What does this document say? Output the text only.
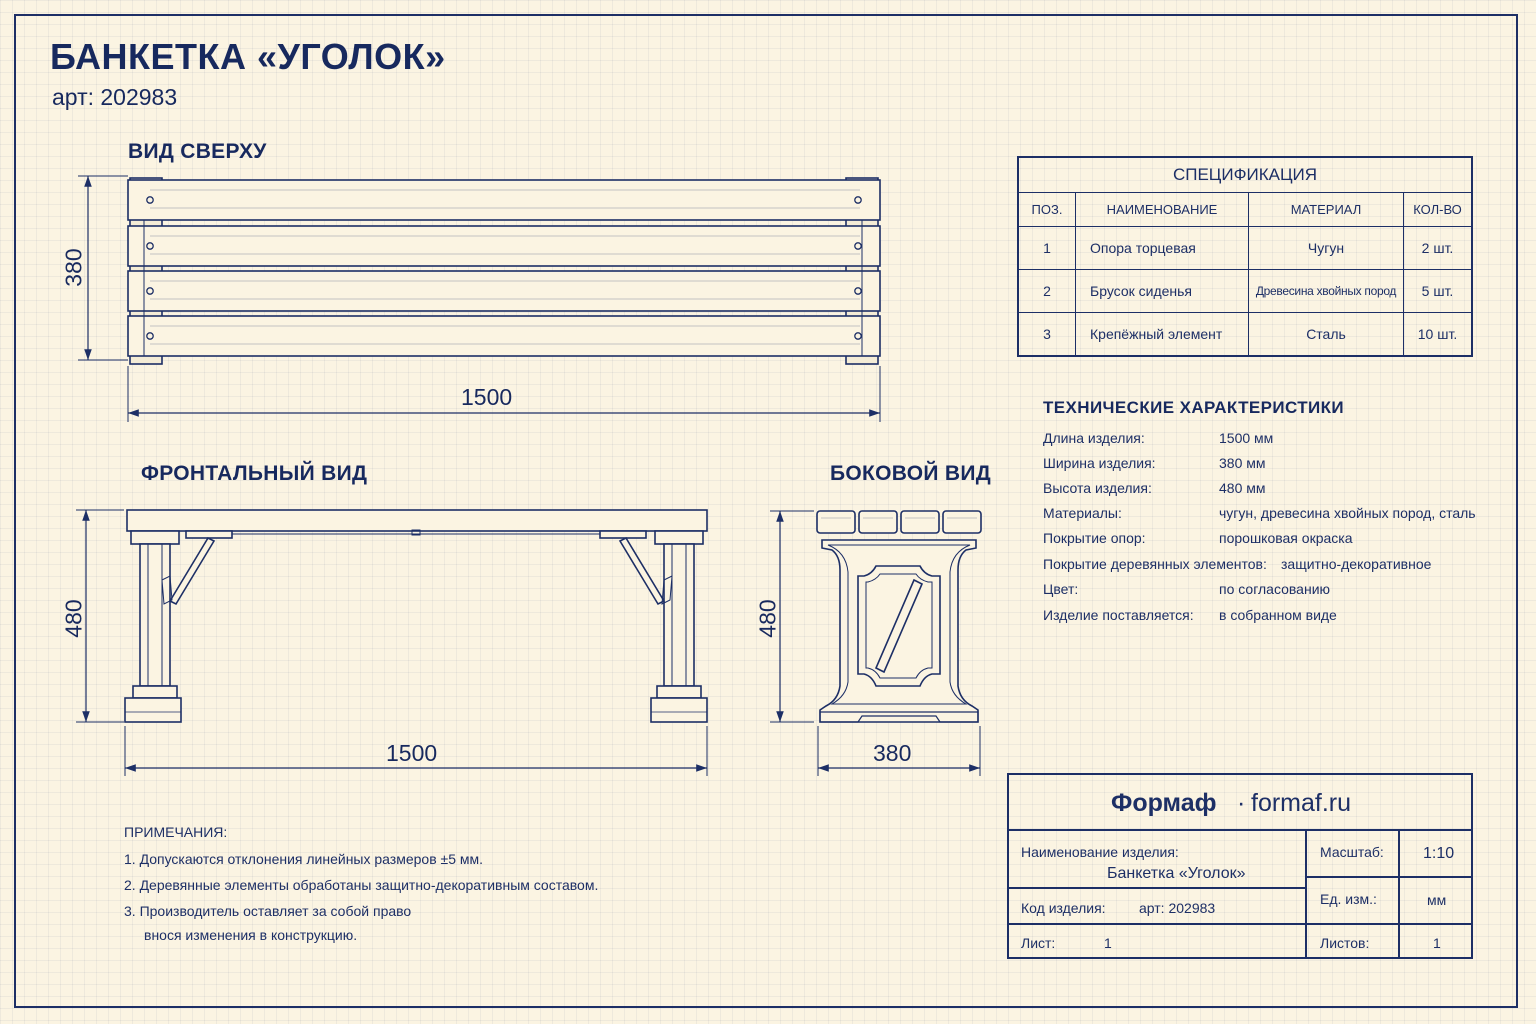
БАНКЕТКА «УГОЛОК»
арт: 202983
ВИД СВЕРХУ
ФРОНТАЛЬНЫЙ ВИД	БОКОВОЙ ВИД
380
1500
480
1500
480
380
СПЕЦИФИКАЦИЯ			
ПОЗ.	НАИМЕНОВАНИЕ	МАТЕРИАЛ	КОЛ-ВО
1	Опора торцевая	Чугун	2 шт.
2	Брусок сиденья	Древесина хвойных пород	5 шт.
3	Крепёжный элемент	Сталь	10 шт.
ТЕХНИЧЕСКИЕ ХАРАКТЕРИСТИКИ
Длина изделия:	1500 мм
Ширина изделия:	380 мм
Высота изделия:	480 мм
Материалы:	чугун, древесина хвойных пород, сталь
Покрытие опор:	порошковая окраска
Покрытие деревянных элементов: защитно-декоративное
Цвет:	по согласованию
Изделие поставляется: в собранном виде
ПРИМЕЧАНИЯ:
1. Допускаются отклонения линейных размеров ±5 мм.
2. Деревянные элементы обработаны защитно-декоративным составом.
3. Производитель оставляет за собой право
внося изменения в конструкцию.
Формаф · formaf.ru
Наименование изделия:
Банкетка «Уголок»
Код изделия: арт: 202983
Лист:	1
Масштаб: 1:10
Ед. изм.:	мм
Листов:	1
